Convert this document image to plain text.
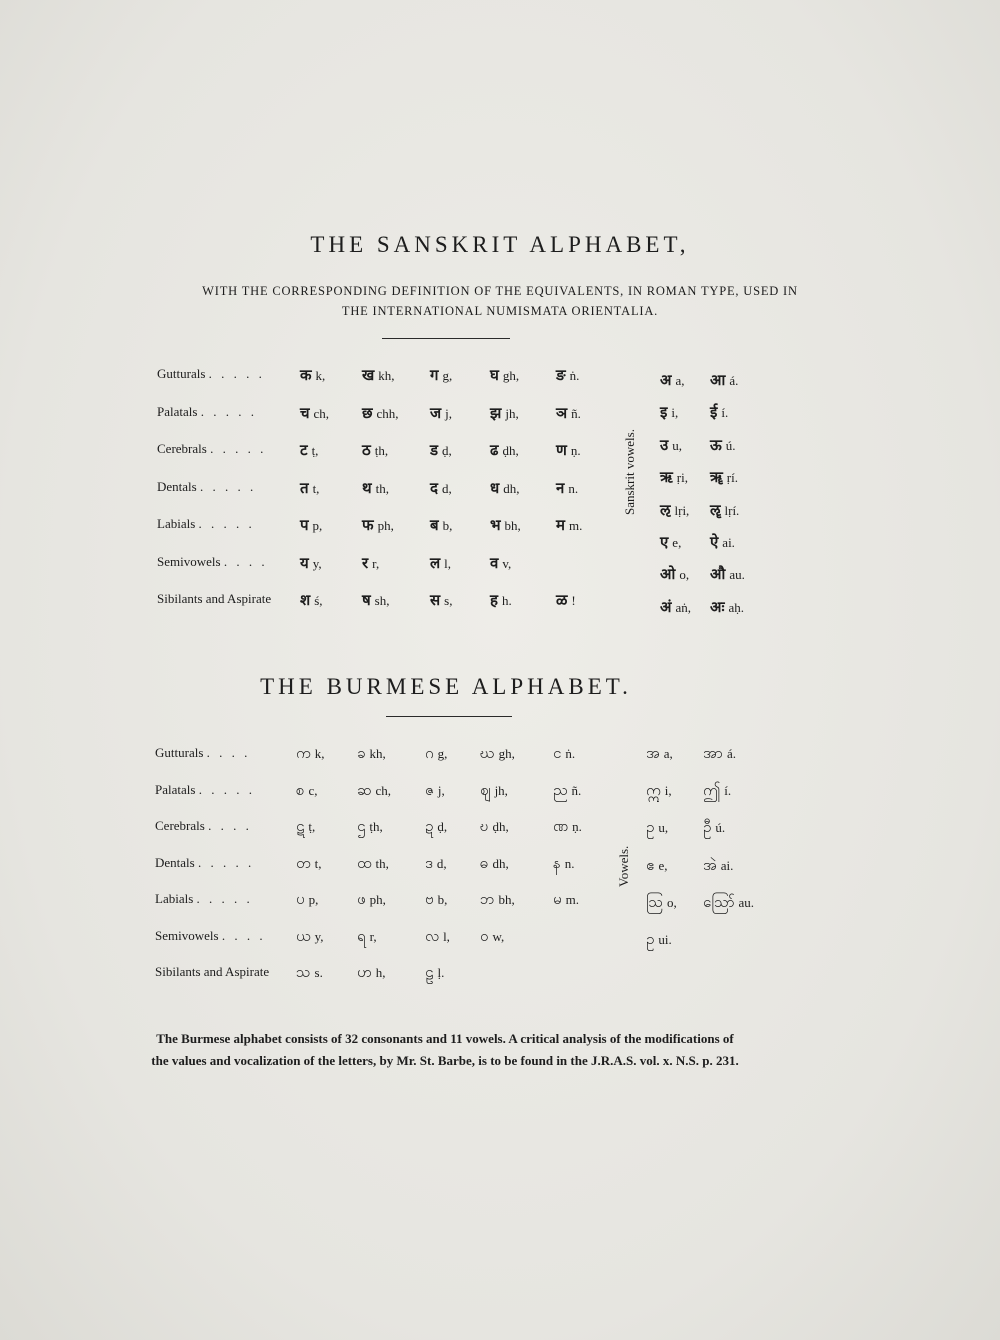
THE SANSKRIT ALPHABET,
WITH THE CORRESPONDING DEFINITION OF THE EQUIVALENTS, IN ROMAN TYPE, USED IN
THE INTERNATIONAL NUMISMATA ORIENTALIA.
Gutturals . . . . . क k, ख kh, ग g,	घ gh, ङ ṅ.
Palatals . . . . .	च ch, छ chh, ज j,	झ jh, ञ ñ.
Cerebrals . . . . . ट ṭ,	ठ ṭh,	ड ḍ,	ढ ḍh, ण ṇ.
Dentals . . . . .	त t,	थ th,	द d,	ध dh, न n.
Labials . . . . .	प p,	फ ph, ब b,	भ bh, म m.
Semivowels . . . . य y,	र r,	ल l,	व v,
Sibilants and Aspirate श ś,	ष sh,	स s,	ह h.	ळ !
अ a, आ á.
इ i, ई í.
उ u, ऊ ú.
ऋ ṛi, ॠ ṛí.
ऌ lṛi, ॡ lṛí.
ए e, ऐ ai.
ओ o, औ au.
अं aṅ, अः aḥ.
Sanskrit vowels.
THE BURMESE ALPHABET.
Gutturals . . . .	က k, ခ kh,	ဂ g, ဃ gh,	င ṅ.
Palatals . . . . .	စ c,	ဆ ch, ဇ j, ဈ jh,	ည ñ.
Cerebrals . . . .	ဋ ṭ,	ဌ ṭh,	ဍ ḍ, ဎ ḍh,	ဏ ṇ.
Dentals . . . . .	တ t, ထ th, ဒ d, ဓ dh,	န n.
Labials . . . . .	ပ p,	ဖ ph,	ဗ b, ဘ bh,	မ m.
Semivowels . . . . ယ y, ရ r,	လ l, ဝ w,
Sibilants and Aspirate သ s. ဟ h,	ဠ ḷ.
အ a, အာ á.
ဣ i, ဤ í.
ဥ u, ဦ ú.
ဧ e, အဲ ai.
ဩ o, ဪ au.
ဥ ui.
Vowels.
The Burmese alphabet consists of 32 consonants and 11 vowels. A critical analysis of the modifications of
the values and vocalization of the letters, by Mr. St. Barbe, is to be found in the J.R.A.S. vol. x. N.S. p. 231.
